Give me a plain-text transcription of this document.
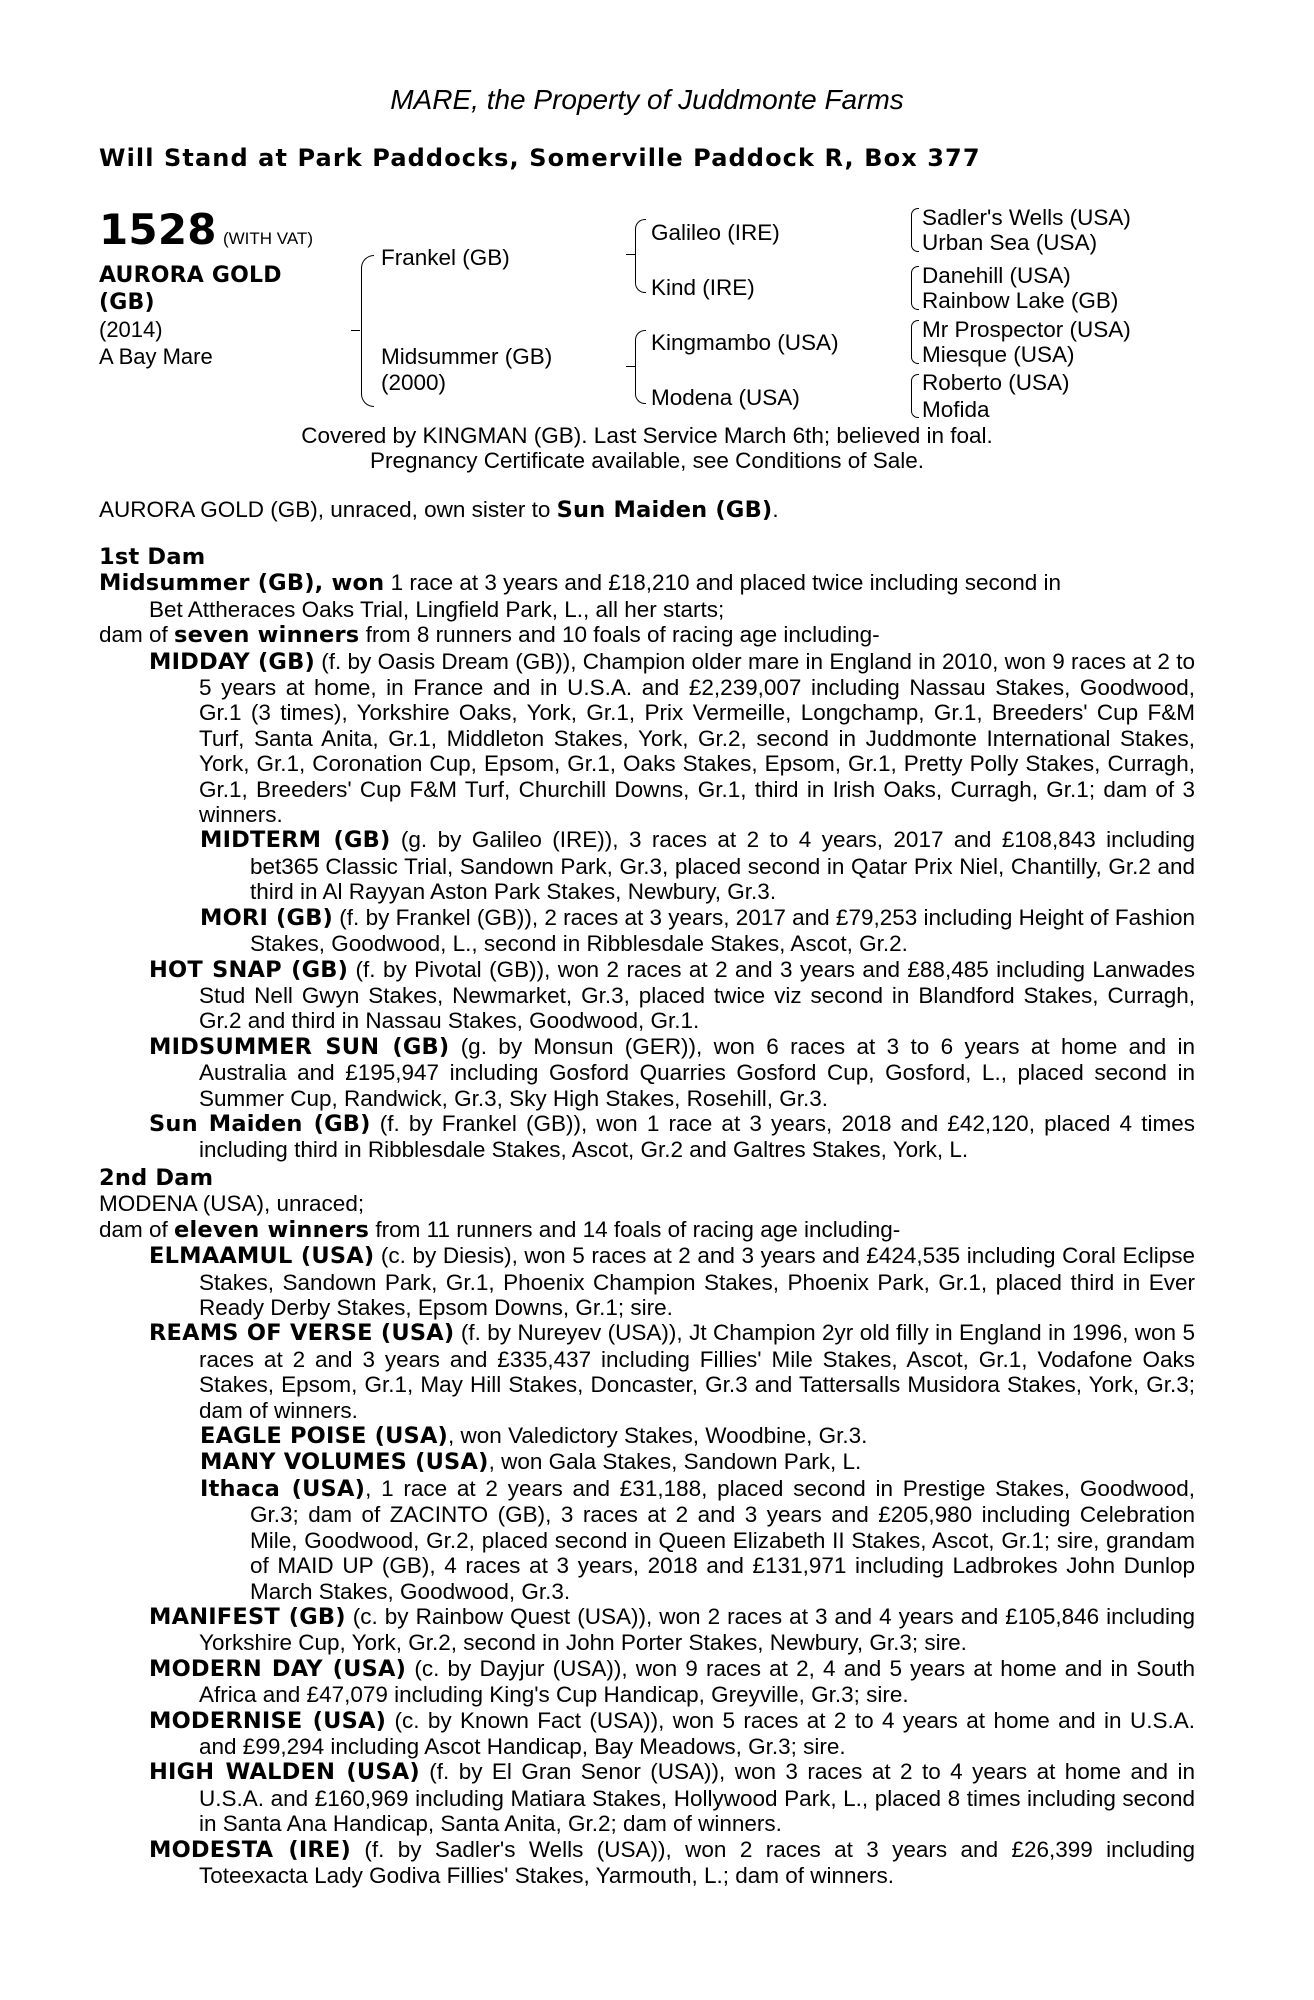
MARE, the Property of Juddmonte Farms
Will Stand at Park Paddocks, Somerville Paddock R, Box 377
1528 (WITH VAT)
AURORA GOLD
(GB)
(2014)
A Bay Mare
Frankel (GB)
Midsummer (GB)
(2000)
Galileo (IRE)
Kind (IRE)
Kingmambo (USA)
Modena (USA)
Sadler's Wells (USA)
Urban Sea (USA)
Danehill (USA)
Rainbow Lake (GB)
Mr Prospector (USA)
Miesque (USA)
Roberto (USA)
Mofida
Covered by KINGMAN (GB). Last Service March 6th; believed in foal.
Pregnancy Certificate available, see Conditions of Sale.
AURORA GOLD (GB), unraced, own sister to Sun Maiden (GB).
1st Dam

Midsummer (GB), won 1 race at 3 years and £18,210 and placed twice including second in

Bet Attheraces Oaks Trial, Lingfield Park, L., all her starts;

dam of seven winners from 8 runners and 10 foals of racing age including-

MIDDAY (GB) (f. by Oasis Dream (GB)), Champion older mare in England in 2010, won 9 races at 2 to 5 years at home, in France and in U.S.A. and £2,239,007 including Nassau Stakes, Goodwood, Gr.1 (3 times), Yorkshire Oaks, York, Gr.1, Prix Vermeille, Longchamp, Gr.1, Breeders' Cup F&M Turf, Santa Anita, Gr.1, Middleton Stakes, York, Gr.2, second in Juddmonte International Stakes, York, Gr.1, Coronation Cup, Epsom, Gr.1, Oaks Stakes, Epsom, Gr.1, Pretty Polly Stakes, Curragh, Gr.1, Breeders' Cup F&M Turf, Churchill Downs, Gr.1, third in Irish Oaks, Curragh, Gr.1; dam of 3 winners.

MIDTERM (GB) (g. by Galileo (IRE)), 3 races at 2 to 4 years, 2017 and £108,843 including bet365 Classic Trial, Sandown Park, Gr.3, placed second in Qatar Prix Niel, Chantilly, Gr.2 and third in Al Rayyan Aston Park Stakes, Newbury, Gr.3.

MORI (GB) (f. by Frankel (GB)), 2 races at 3 years, 2017 and £79,253 including Height of Fashion Stakes, Goodwood, L., second in Ribblesdale Stakes, Ascot, Gr.2.

HOT SNAP (GB) (f. by Pivotal (GB)), won 2 races at 2 and 3 years and £88,485 including Lanwades Stud Nell Gwyn Stakes, Newmarket, Gr.3, placed twice viz second in Blandford Stakes, Curragh, Gr.2 and third in Nassau Stakes, Goodwood, Gr.1.

MIDSUMMER SUN (GB) (g. by Monsun (GER)), won 6 races at 3 to 6 years at home and in Australia and £195,947 including Gosford Quarries Gosford Cup, Gosford, L., placed second in Summer Cup, Randwick, Gr.3, Sky High Stakes, Rosehill, Gr.3.

Sun Maiden (GB) (f. by Frankel (GB)), won 1 race at 3 years, 2018 and £42,120, placed 4 times including third in Ribblesdale Stakes, Ascot, Gr.2 and Galtres Stakes, York, L.

2nd Dam

MODENA (USA), unraced;

dam of eleven winners from 11 runners and 14 foals of racing age including-

ELMAAMUL (USA) (c. by Diesis), won 5 races at 2 and 3 years and £424,535 including Coral Eclipse Stakes, Sandown Park, Gr.1, Phoenix Champion Stakes, Phoenix Park, Gr.1, placed third in Ever Ready Derby Stakes, Epsom Downs, Gr.1; sire.

REAMS OF VERSE (USA) (f. by Nureyev (USA)), Jt Champion 2yr old filly in England in 1996, won 5 races at 2 and 3 years and £335,437 including Fillies' Mile Stakes, Ascot, Gr.1, Vodafone Oaks Stakes, Epsom, Gr.1, May Hill Stakes, Doncaster, Gr.3 and Tattersalls Musidora Stakes, York, Gr.3; dam of winners.

EAGLE POISE (USA), won Valedictory Stakes, Woodbine, Gr.3.

MANY VOLUMES (USA), won Gala Stakes, Sandown Park, L.

Ithaca (USA), 1 race at 2 years and £31,188, placed second in Prestige Stakes, Goodwood, Gr.3; dam of ZACINTO (GB), 3 races at 2 and 3 years and £205,980 including Celebration Mile, Goodwood, Gr.2, placed second in Queen Elizabeth II Stakes, Ascot, Gr.1; sire, grandam of MAID UP (GB), 4 races at 3 years, 2018 and £131,971 including Ladbrokes John Dunlop March Stakes, Goodwood, Gr.3.

MANIFEST (GB) (c. by Rainbow Quest (USA)), won 2 races at 3 and 4 years and £105,846 including Yorkshire Cup, York, Gr.2, second in John Porter Stakes, Newbury, Gr.3; sire.

MODERN DAY (USA) (c. by Dayjur (USA)), won 9 races at 2, 4 and 5 years at home and in South Africa and £47,079 including King's Cup Handicap, Greyville, Gr.3; sire.

MODERNISE (USA) (c. by Known Fact (USA)), won 5 races at 2 to 4 years at home and in U.S.A. and £99,294 including Ascot Handicap, Bay Meadows, Gr.3; sire.

HIGH WALDEN (USA) (f. by El Gran Senor (USA)), won 3 races at 2 to 4 years at home and in U.S.A. and £160,969 including Matiara Stakes, Hollywood Park, L., placed 8 times including second in Santa Ana Handicap, Santa Anita, Gr.2; dam of winners.

MODESTA (IRE) (f. by Sadler's Wells (USA)), won 2 races at 3 years and £26,399 including Toteexacta Lady Godiva Fillies' Stakes, Yarmouth, L.; dam of winners.
